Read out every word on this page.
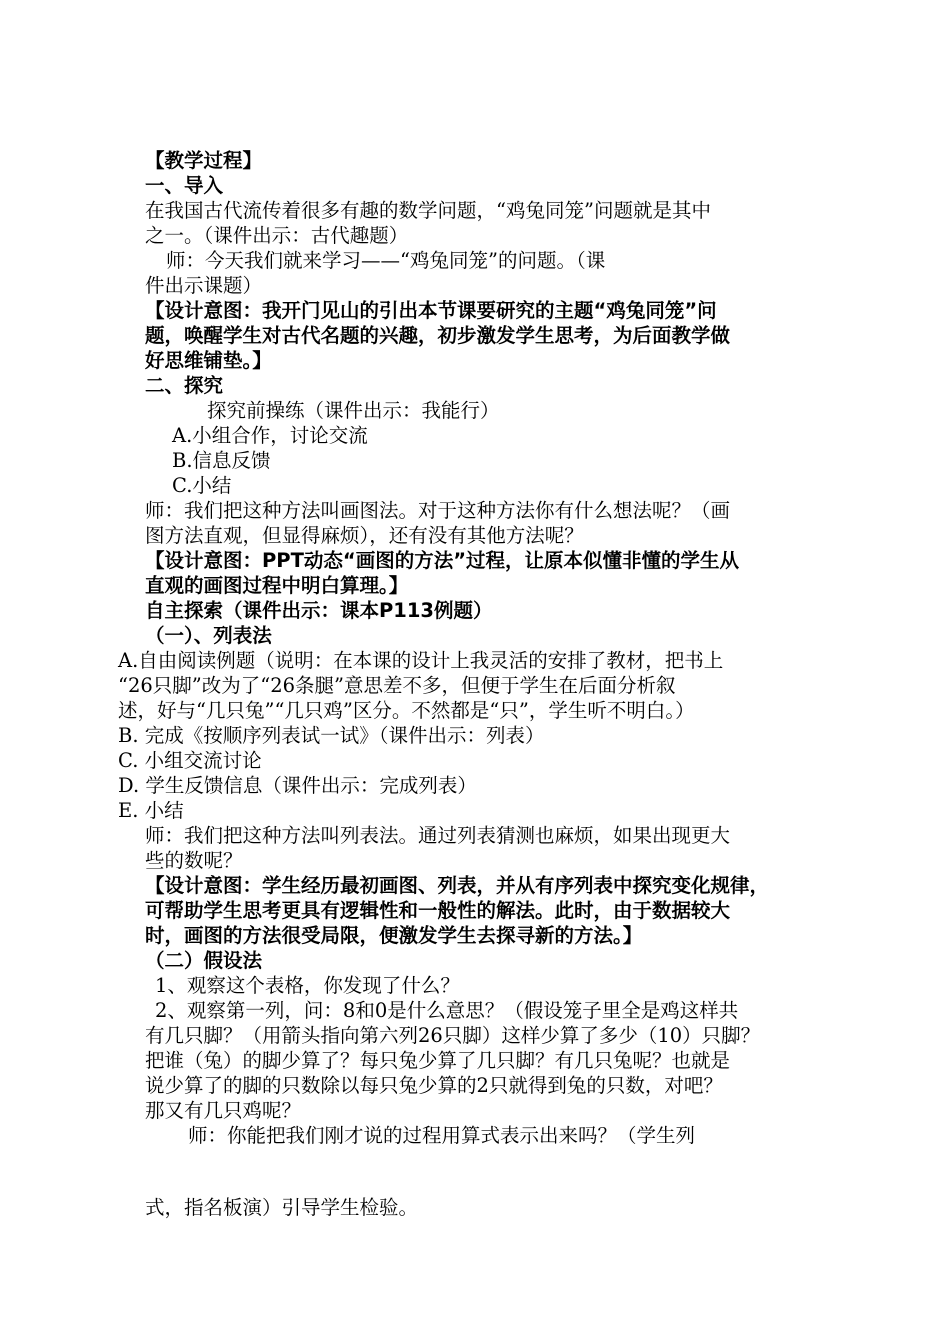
【教学过程】
一、导入
在我国古代流传着很多有趣的数学问题，“鸡兔同笼”问题就是其中
之一。（课件出示：古代趣题）
师：今天我们就来学习——“鸡兔同笼”的问题。（课
件出示课题）
【设计意图：我开门见山的引出本节课要研究的主题“鸡兔同笼”问
题，唤醒学生对古代名题的兴趣，初步激发学生思考，为后面教学做
好思维铺垫。】
二、探究
探究前操练（课件出示：我能行）
A.小组合作，讨论交流
B.信息反馈
C.小结
师：我们把这种方法叫画图法。对于这种方法你有什么想法呢？（画
图方法直观，但显得麻烦），还有没有其他方法呢？
【设计意图：PPT动态“画图的方法”过程，让原本似懂非懂的学生从
直观的画图过程中明白算理。】
自主探索（课件出示：课本P113例题）
（一）、列表法
A.自由阅读例题（说明：在本课的设计上我灵活的安排了教材，把书上
“26只脚”改为了“26条腿”意思差不多，但便于学生在后面分析叙
述，好与“几只兔”“几只鸡”区分。不然都是“只”，学生听不明白。）
B. 完成《按顺序列表试一试》（课件出示：列表）
C. 小组交流讨论
D. 学生反馈信息（课件出示：完成列表）
E. 小结
师：我们把这种方法叫列表法。通过列表猜测也麻烦，如果出现更大
些的数呢？
【设计意图：学生经历最初画图、列表，并从有序列表中探究变化规律，
可帮助学生思考更具有逻辑性和一般性的解法。此时，由于数据较大
时，画图的方法很受局限，便激发学生去探寻新的方法。】
（二）假设法
1、观察这个表格，你发现了什么？
2、观察第一列，问：8和0是什么意思？（假设笼子里全是鸡这样共
有几只脚？（用箭头指向第六列26只脚）这样少算了多少（10）只脚？
把谁（兔）的脚少算了？每只兔少算了几只脚？有几只兔呢？也就是
说少算了的脚的只数除以每只兔少算的2只就得到兔的只数，对吧？
那又有几只鸡呢？
师：你能把我们刚才说的过程用算式表示出来吗？（学生列
式，指名板演）引导学生检验。
